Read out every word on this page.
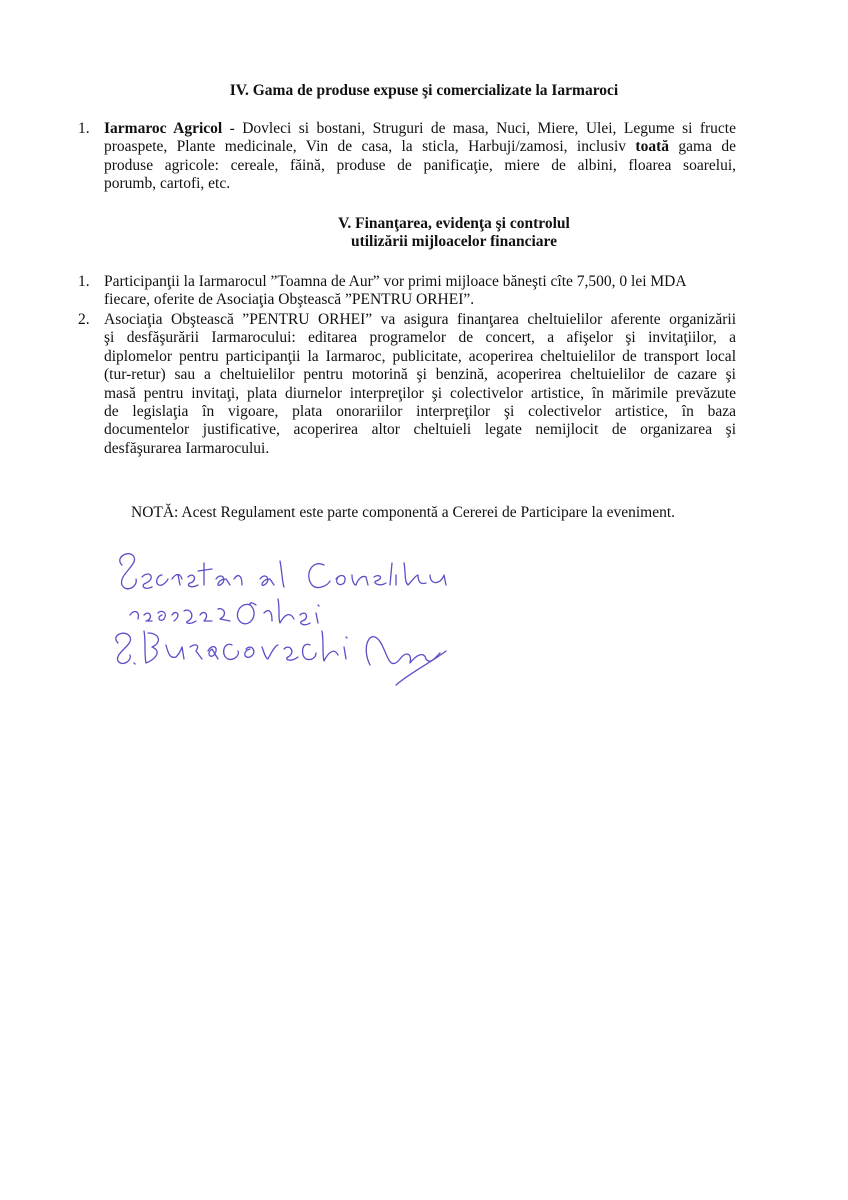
IV. Gama de produse expuse şi comercializate la Iarmaroci
1. Iarmaroc Agricol - Dovleci si bostani, Struguri de masa, Nuci, Miere, Ulei, Legume si fructe
proaspete, Plante medicinale, Vin de casa, la sticla, Harbuji/zamosi, inclusiv toată gama de
produse agricole: cereale, făină, produse de panificaţie, miere de albini, floarea soarelui,
porumb, cartofi, etc.
V. Finanţarea, evidenţa şi controlul
utilizării mijloacelor financiare
1. Participanţii la Iarmarocul ”Toamna de Aur” vor primi mijloace băneşti cîte 7,500, 0 lei MDA
fiecare, oferite de Asociaţia Obştească ”PENTRU ORHEI”.
2. Asociaţia Obştească ”PENTRU ORHEI” va asigura finanţarea cheltuielilor aferente organizării
şi desfăşurării Iarmarocului: editarea programelor de concert, a afişelor şi invitaţiilor, a
diplomelor pentru participanţii la Iarmaroc, publicitate, acoperirea cheltuielilor de transport local
(tur-retur) sau a cheltuielilor pentru motorină şi benzină, acoperirea cheltuielilor de cazare şi
masă pentru invitaţi, plata diurnelor interpreţilor şi colectivelor artistice, în mărimile prevăzute
de legislaţia în vigoare, plata onorariilor interpreţilor şi colectivelor artistice, în baza
documentelor justificative, acoperirea altor cheltuieli legate nemijlocit de organizarea şi
desfăşurarea Iarmarocului.
NOTĂ: Acest Regulament este parte componentă a Cererei de Participare la eveniment.
